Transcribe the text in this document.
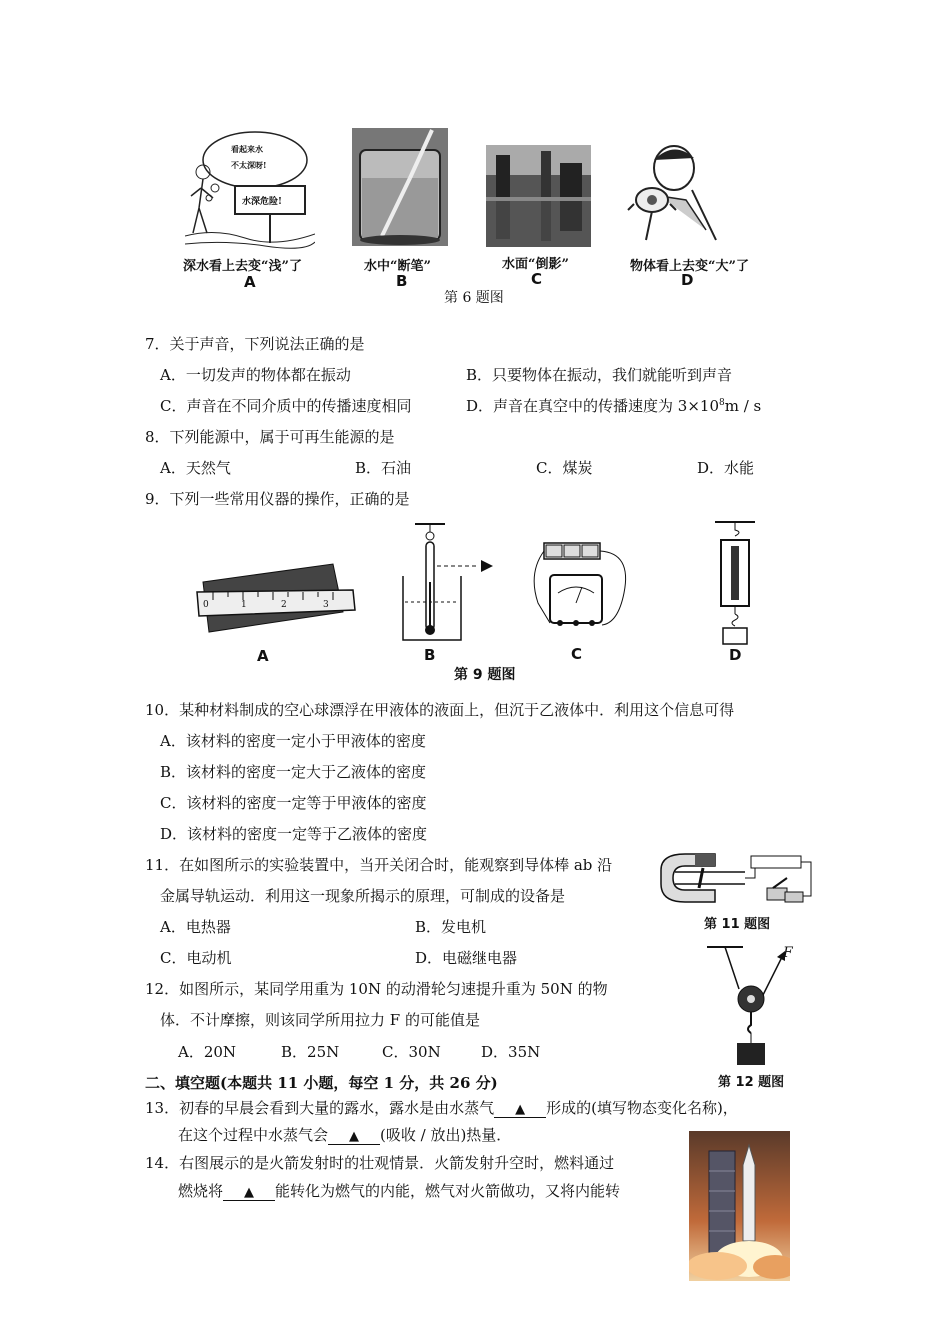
看起来水
不太深呀!
水深危险!
深水看上去变“浅”了	水中“断笔”	水面“倒影”	物体看上去变“大”了
A	B	C	D
第 6 题图
7．关于声音，下列说法正确的是
A．一切发声的物体都在振动	B．只要物体在振动，我们就能听到声音
C．声音在不同介质中的传播速度相同	D．声音在真空中的传播速度为 $3\times 10^8m / s$
8．下列能源中，属于可再生能源的是
A．天然气	B．石油	C．煤炭	D．水能
9．下列一些常用仪器的操作，正确的是
0	1	2	3
A	B	C	D
第 9 题图
10．某种材料制成的空心球漂浮在甲液体的液面上，但沉于乙液体中．利用这个信息可得
A．该材料的密度一定小于甲液体的密度
B．该材料的密度一定大于乙液体的密度
C．该材料的密度一定等于甲液体的密度
D．该材料的密度一定等于乙液体的密度
11．在如图所示的实验装置中，当开关闭合时，能观察到导体棒 ab 沿
金属导轨运动．利用这一现象所揭示的原理，可制成的设备是
A．电热器	B．发电机
C．电动机	D．电磁继电器
第 11 题图
12．如图所示，某同学用重为 10N 的动滑轮匀速提升重为 50N 的物
体．不计摩擦，则该同学所用拉力 F 的可能值是
A．20N	B．25N	C．30N	D．35N
F
第 12 题图
二、填空题(本题共 11 小题，每空 1 分，共 26 分)
13．初春的早晨会看到大量的露水，露水是由水蒸气 ▲ 形成的(填写物态变化名称)，
在这个过程中水蒸气会 ▲ (吸收 / 放出)热量．
14．右图展示的是火箭发射时的壮观情景．火箭发射升空时，燃料通过
燃烧将 ▲ 能转化为燃气的内能，燃气对火箭做功，又将内能转
